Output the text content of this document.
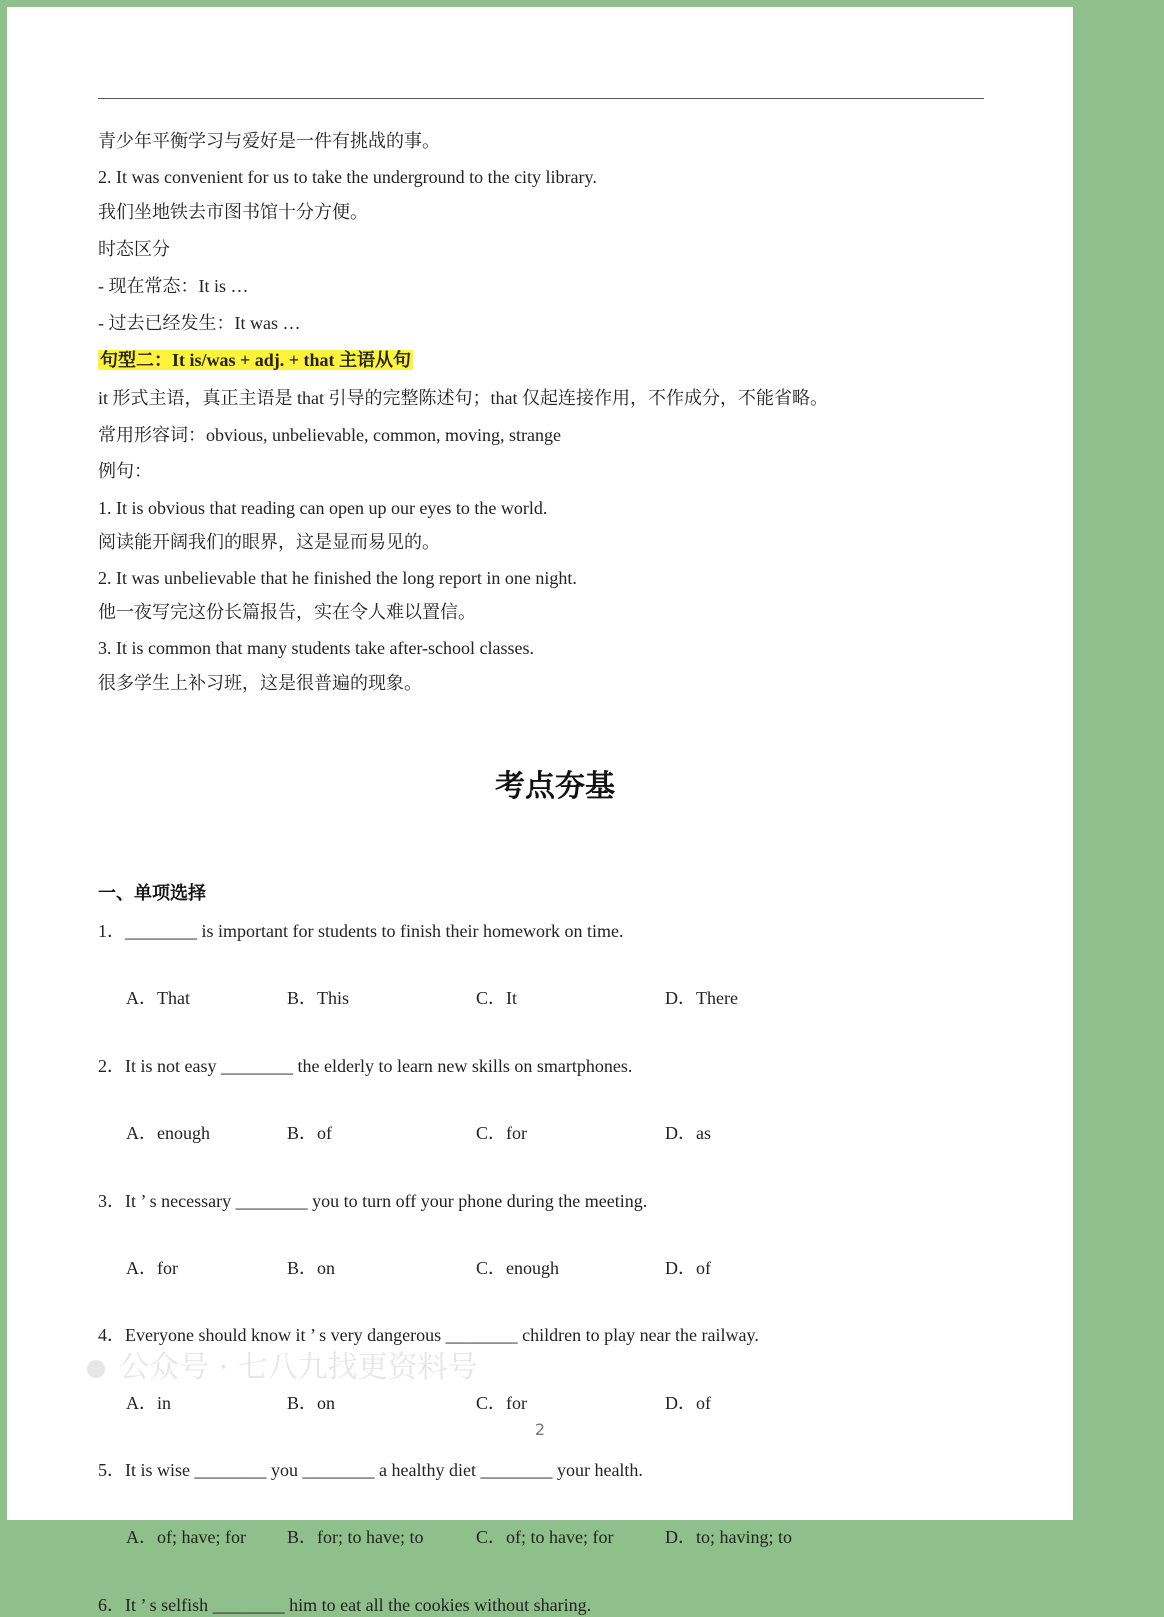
青少年平衡学习与爱好是一件有挑战的事。
2. It was convenient for us to take the underground to the city library.
我们坐地铁去市图书馆十分方便。
时态区分
- 现在常态：It is …
- 过去已经发生：It was …
句型二：It is/was + adj. + that 主语从句
it 形式主语，真正主语是 that 引导的完整陈述句；that 仅起连接作用，不作成分，不能省略。
常用形容词：obvious, unbelievable, common, moving, strange
例句：
1. It is obvious that reading can open up our eyes to the world.
阅读能开阔我们的眼界，这是显而易见的。
2. It was unbelievable that he finished the long report in one night.
他一夜写完这份长篇报告，实在令人难以置信。
3. It is common that many students take after-school classes.
很多学生上补习班，这是很普遍的现象。
考点夯基
一、单项选择
公众号 · 七八九找更资料号
1．________ is important for students to finish their homework on time.
A．That	B．This	C．It	D．There
2．It is not easy ________ the elderly to learn new skills on smartphones.
A．enough	B．of	C．for	D．as
3．It ’ s necessary ________ you to turn off your phone during the meeting.
A．for	B．on	C．enough	D．of
4．Everyone should know it ’ s very dangerous ________ children to play near the railway.
A．in	B．on	C．for	D．of
5．It is wise ________ you ________ a healthy diet ________ your health.
A．of; have; for B．for; to have; to	C．of; to have; for	D．to; having; to
6．It ’ s selfish ________ him to eat all the cookies without sharing.
2
